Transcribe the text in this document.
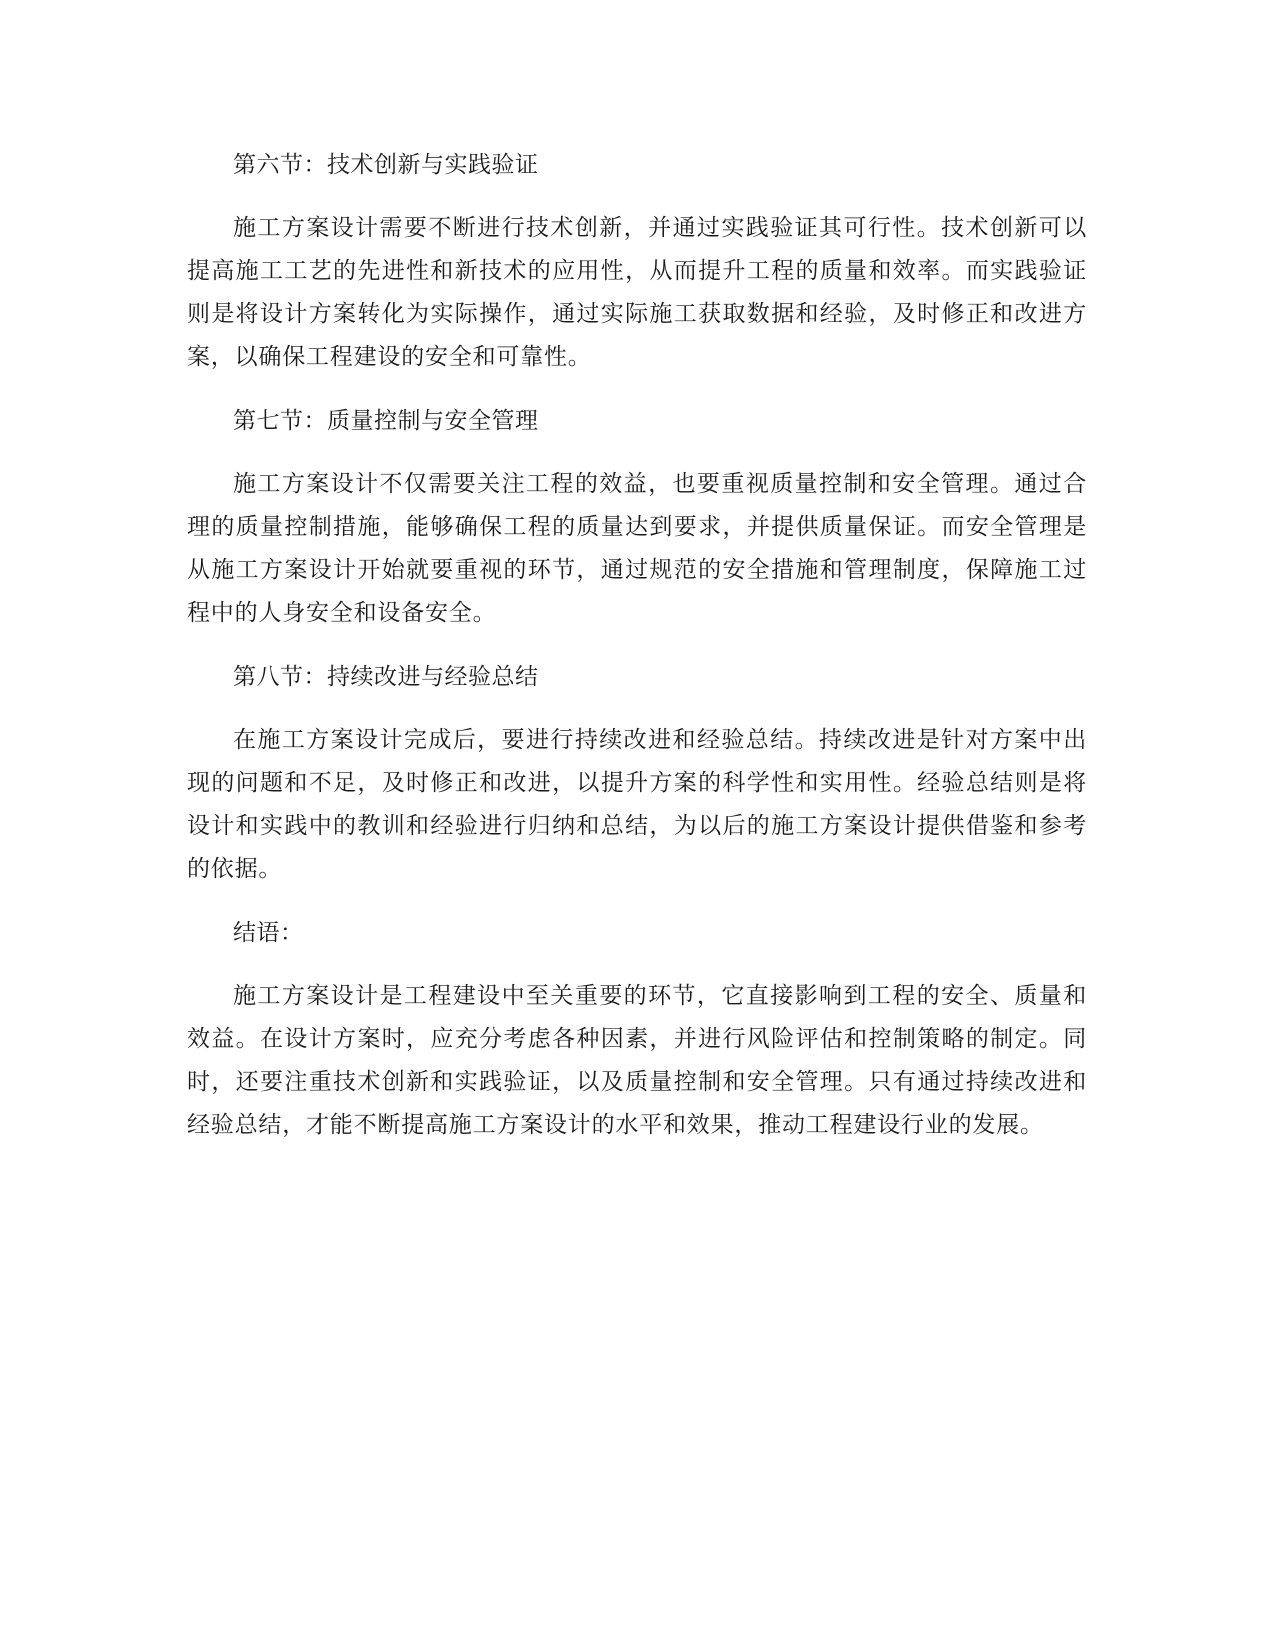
第六节：技术创新与实践验证

施工方案设计需要不断进行技术创新，并通过实践验证其可行性。技术创新可以提高施工工艺的先进性和新技术的应用性，从而提升工程的质量和效率。而实践验证则是将设计方案转化为实际操作，通过实际施工获取数据和经验，及时修正和改进方案，以确保工程建设的安全和可靠性。

第七节：质量控制与安全管理

施工方案设计不仅需要关注工程的效益，也要重视质量控制和安全管理。通过合理的质量控制措施，能够确保工程的质量达到要求，并提供质量保证。而安全管理是从施工方案设计开始就要重视的环节，通过规范的安全措施和管理制度，保障施工过程中的人身安全和设备安全。

第八节：持续改进与经验总结

在施工方案设计完成后，要进行持续改进和经验总结。持续改进是针对方案中出现的问题和不足，及时修正和改进，以提升方案的科学性和实用性。经验总结则是将设计和实践中的教训和经验进行归纳和总结，为以后的施工方案设计提供借鉴和参考的依据。

结语：

施工方案设计是工程建设中至关重要的环节，它直接影响到工程的安全、质量和效益。在设计方案时，应充分考虑各种因素，并进行风险评估和控制策略的制定。同时，还要注重技术创新和实践验证，以及质量控制和安全管理。只有通过持续改进和经验总结，才能不断提高施工方案设计的水平和效果，推动工程建设行业的发展。
